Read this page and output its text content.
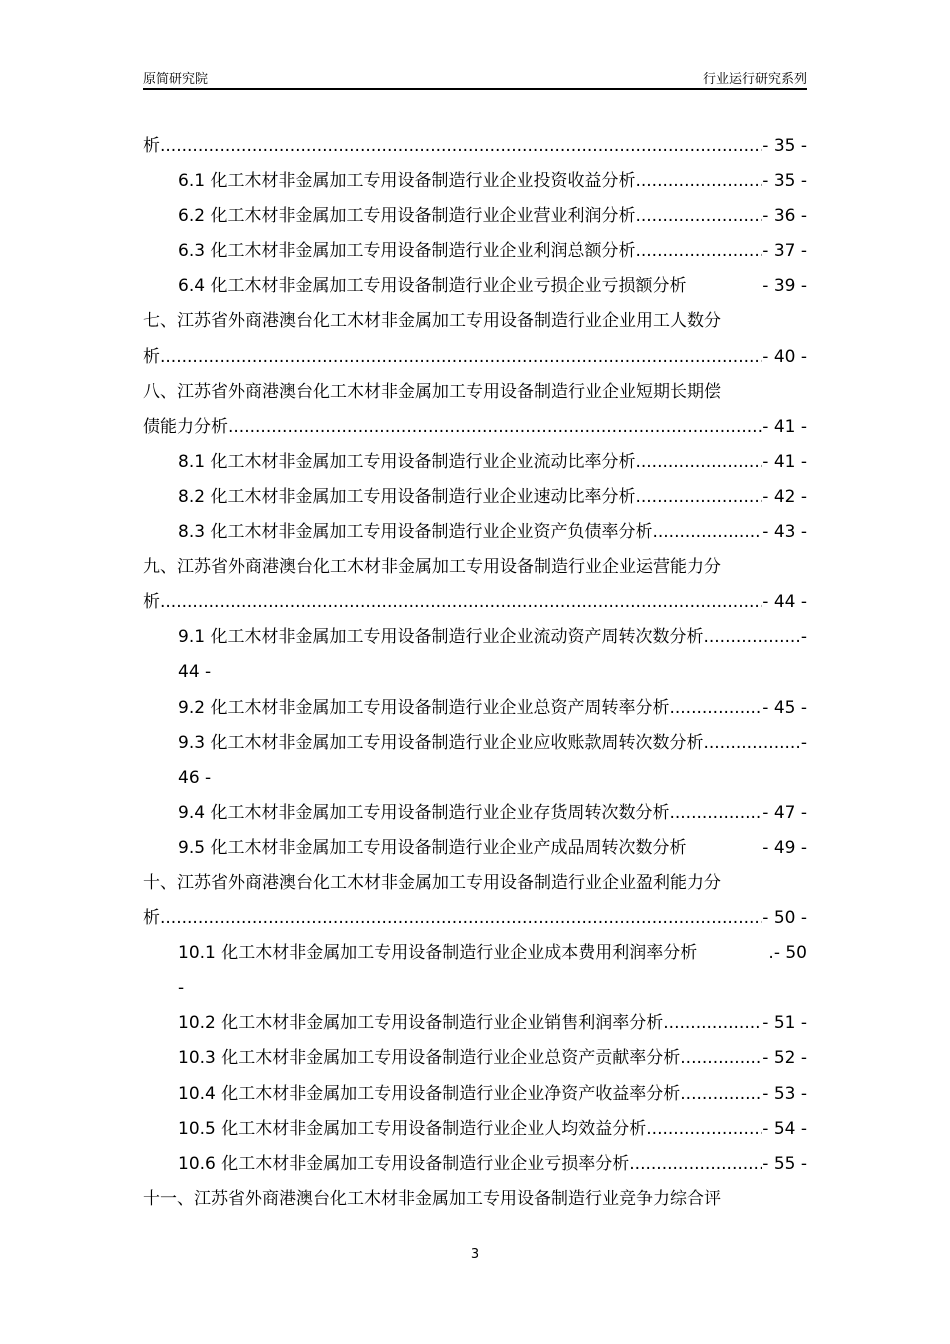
原简研究院	行业运行研究系列
析 .....	- 35 -
6.1 化工木材非金属加工专用设备制造行业企业投资收益分析 .....	- 35 -
6.2 化工木材非金属加工专用设备制造行业企业营业利润分析 .....	- 36 -
6.3 化工木材非金属加工专用设备制造行业企业利润总额分析 .....	- 37 -
6.4 化工木材非金属加工专用设备制造行业企业亏损企业亏损额分析	- 39 -
七、江苏省外商港澳台化工木材非金属加工专用设备制造行业企业用工人数分
析 .....	- 40 -
八、江苏省外商港澳台化工木材非金属加工专用设备制造行业企业短期长期偿
债能力分析 .....	- 41 -
8.1 化工木材非金属加工专用设备制造行业企业流动比率分析 .....	- 41 -
8.2 化工木材非金属加工专用设备制造行业企业速动比率分析 .....	- 42 -
8.3 化工木材非金属加工专用设备制造行业企业资产负债率分析 .....	- 43 -
九、江苏省外商港澳台化工木材非金属加工专用设备制造行业企业运营能力分
析 .....	- 44 -
9.1 化工木材非金属加工专用设备制造行业企业流动资产周转次数分析 .....	-
44 -
9.2 化工木材非金属加工专用设备制造行业企业总资产周转率分析 .....	- 45 -
9.3 化工木材非金属加工专用设备制造行业企业应收账款周转次数分析 .....	-
46 -
9.4 化工木材非金属加工专用设备制造行业企业存货周转次数分析 .....	- 47 -
9.5 化工木材非金属加工专用设备制造行业企业产成品周转次数分析	- 49 -
十、江苏省外商港澳台化工木材非金属加工专用设备制造行业企业盈利能力分
析 .....	- 50 -
10.1 化工木材非金属加工专用设备制造行业企业成本费用利润率分析	.- 50
-
10.2 化工木材非金属加工专用设备制造行业企业销售利润率分析 .....	- 51 -
10.3 化工木材非金属加工专用设备制造行业企业总资产贡献率分析 .....	- 52 -
10.4 化工木材非金属加工专用设备制造行业企业净资产收益率分析 .....	- 53 -
10.5 化工木材非金属加工专用设备制造行业企业人均效益分析 .....	- 54 -
10.6 化工木材非金属加工专用设备制造行业企业亏损率分析 .....	- 55 -
十一、江苏省外商港澳台化工木材非金属加工专用设备制造行业竞争力综合评
3
